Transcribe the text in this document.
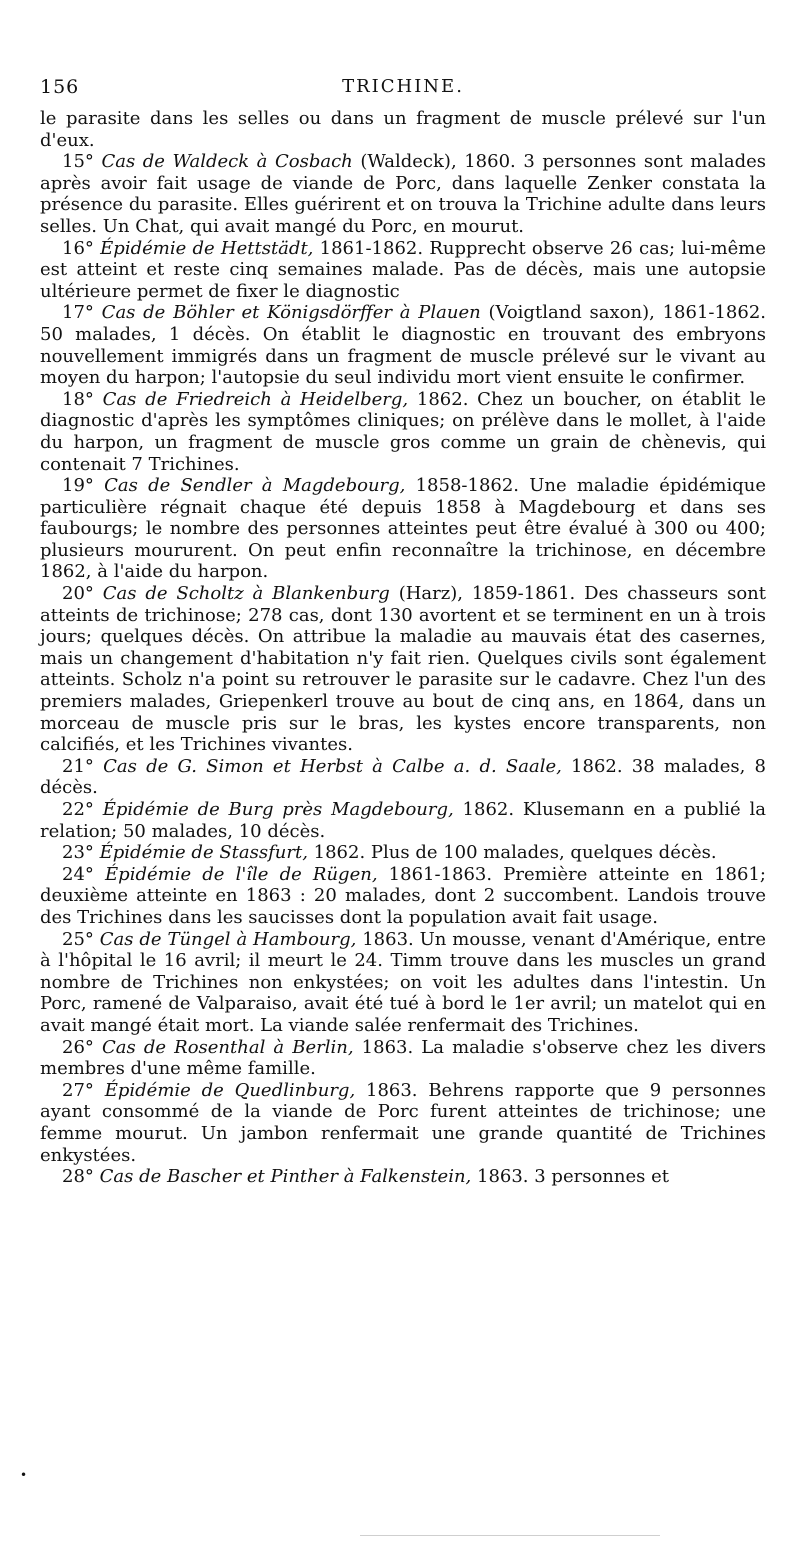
156	TRICHINE.

le parasite dans les selles ou dans un fragment de muscle prélevé sur l'un d'eux.

15° Cas de Waldeck à Cosbach (Waldeck), 1860. 3 personnes sont malades après avoir fait usage de viande de Porc, dans laquelle Zenker constata la présence du parasite. Elles guérirent et on trouva la Trichine adulte dans leurs selles. Un Chat, qui avait mangé du Porc, en mourut.

16° Épidémie de Hettstädt, 1861-1862. Rupprecht observe 26 cas; lui-même est atteint et reste cinq semaines malade. Pas de décès, mais une autopsie ultérieure permet de fixer le diagnostic

17° Cas de Böhler et Königsdörffer à Plauen (Voigtland saxon), 1861-1862. 50 malades, 1 décès. On établit le diagnostic en trouvant des embryons nouvellement immigrés dans un fragment de muscle prélevé sur le vivant au moyen du harpon; l'autopsie du seul individu mort vient ensuite le confirmer.

18° Cas de Friedreich à Heidelberg, 1862. Chez un boucher, on établit le diagnostic d'après les symptômes cliniques; on prélève dans le mollet, à l'aide du harpon, un fragment de muscle gros comme un grain de chènevis, qui contenait 7 Trichines.

19° Cas de Sendler à Magdebourg, 1858-1862. Une maladie épidémique particulière régnait chaque été depuis 1858 à Magdebourg et dans ses faubourgs; le nombre des personnes atteintes peut être évalué à 300 ou 400; plusieurs moururent. On peut enfin reconnaître la trichinose, en décembre 1862, à l'aide du harpon.

20° Cas de Scholtz à Blankenburg (Harz), 1859-1861. Des chasseurs sont atteints de trichinose; 278 cas, dont 130 avortent et se terminent en un à trois jours; quelques décès. On attribue la maladie au mauvais état des casernes, mais un changement d'habitation n'y fait rien. Quelques civils sont également atteints. Scholz n'a point su retrouver le parasite sur le cadavre. Chez l'un des premiers malades, Griepenkerl trouve au bout de cinq ans, en 1864, dans un morceau de muscle pris sur le bras, les kystes encore transparents, non calcifiés, et les Trichines vivantes.

21° Cas de G. Simon et Herbst à Calbe a. d. Saale, 1862. 38 malades, 8 décès.

22° Épidémie de Burg près Magdebourg, 1862. Klusemann en a publié la relation; 50 malades, 10 décès.

23° Épidémie de Stassfurt, 1862. Plus de 100 malades, quelques décès.

24° Épidémie de l'île de Rügen, 1861-1863. Première atteinte en 1861; deuxième atteinte en 1863 : 20 malades, dont 2 succombent. Landois trouve des Trichines dans les saucisses dont la population avait fait usage.

25° Cas de Tüngel à Hambourg, 1863. Un mousse, venant d'Amérique, entre à l'hôpital le 16 avril; il meurt le 24. Timm trouve dans les muscles un grand nombre de Trichines non enkystées; on voit les adultes dans l'intestin. Un Porc, ramené de Valparaiso, avait été tué à bord le 1er avril; un matelot qui en avait mangé était mort. La viande salée renfermait des Trichines.

26° Cas de Rosenthal à Berlin, 1863. La maladie s'observe chez les divers membres d'une même famille.

27° Épidémie de Quedlinburg, 1863. Behrens rapporte que 9 personnes ayant consommé de la viande de Porc furent atteintes de trichinose; une femme mourut. Un jambon renfermait une grande quantité de Trichines enkystées.

28° Cas de Bascher et Pinther à Falkenstein, 1863. 3 personnes et

•
